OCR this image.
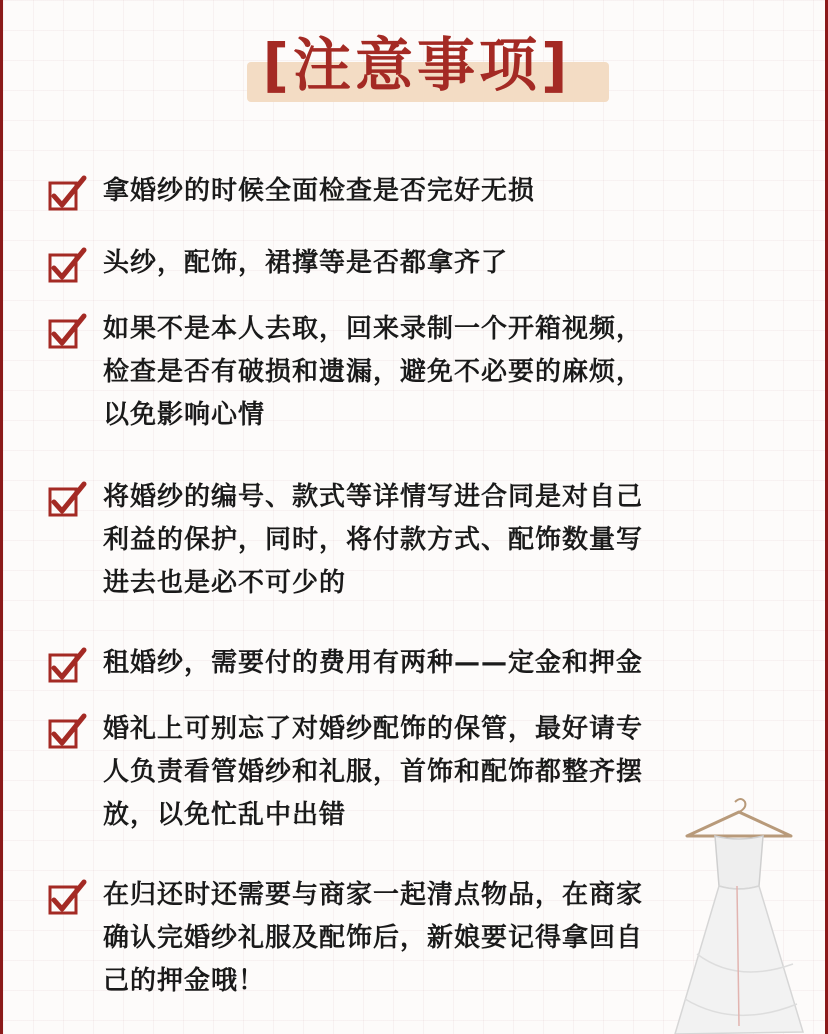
[注意事项]
拿婚纱的时候全面检查是否完好无损
头纱，配饰，裙撑等是否都拿齐了
如果不是本人去取，回来录制一个开箱视频，
检查是否有破损和遗漏，避免不必要的麻烦，
以免影响心情
将婚纱的编号、款式等详情写进合同是对自己
利益的保护，同时，将付款方式、配饰数量写
进去也是必不可少的
租婚纱，需要付的费用有两种——定金和押金
婚礼上可别忘了对婚纱配饰的保管，最好请专
人负责看管婚纱和礼服，首饰和配饰都整齐摆
放，以免忙乱中出错
在归还时还需要与商家一起清点物品，在商家
确认完婚纱礼服及配饰后，新娘要记得拿回自
己的押金哦！
